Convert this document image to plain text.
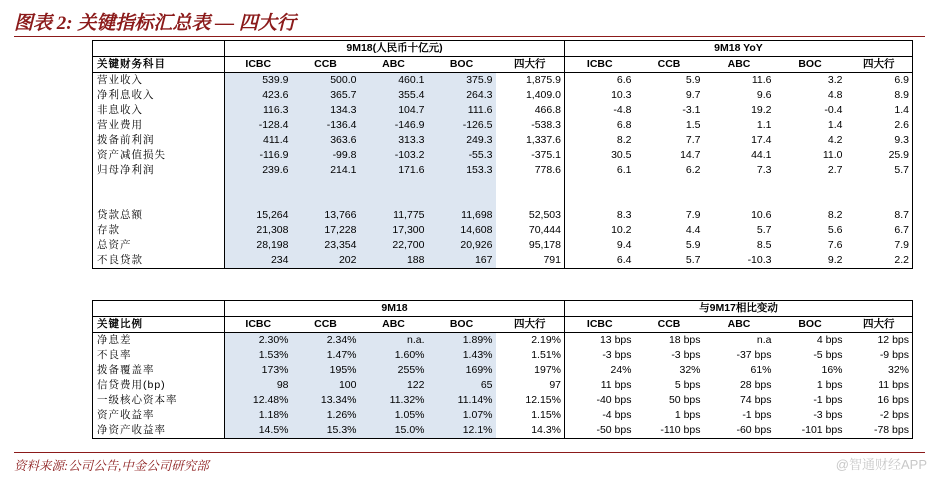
图表 2: 关键指标汇总表 — 四大行
	9M18(人民币十亿元)					9M18 YoY				
关键财务科目	ICBC	CCB	ABC	BOC	四大行	ICBC	CCB	ABC	BOC	四大行
营业收入	539.9	500.0	460.1	375.9	1,875.9	6.6	5.9	11.6	3.2	6.9
净利息收入	423.6	365.7	355.4	264.3	1,409.0	10.3	9.7	9.6	4.8	8.9
非息收入	116.3	134.3	104.7	111.6	466.8	-4.8	-3.1	19.2	-0.4	1.4
营业费用	-128.4	-136.4	-146.9	-126.5	-538.3	6.8	1.5	1.1	1.4	2.6
拨备前利润	411.4	363.6	313.3	249.3	1,337.6	8.2	7.7	17.4	4.2	9.3
资产减值损失	-116.9	-99.8	-103.2	-55.3	-375.1	30.5	14.7	44.1	11.0	25.9
归母净利润	239.6	214.1	171.6	153.3	778.6	6.1	6.2	7.3	2.7	5.7

贷款总额	15,264	13,766	11,775	11,698	52,503	8.3	7.9	10.6	8.2	8.7
存款	21,308	17,228	17,300	14,608	70,444	10.2	4.4	5.7	5.6	6.7
总资产	28,198	23,354	22,700	20,926	95,178	9.4	5.9	8.5	7.6	7.9
不良贷款	234	202	188	167	791	6.4	5.7	-10.3	9.2	2.2
	9M18					与9M17相比变动				
关键比例	ICBC	CCB	ABC	BOC	四大行	ICBC	CCB	ABC	BOC	四大行
净息差	2.30%	2.34%	n.a.	1.89%	2.19%	13 bps	18 bps	n.a	4 bps	12 bps
不良率	1.53%	1.47%	1.60%	1.43%	1.51%	-3 bps	-3 bps	-37 bps	-5 bps	-9 bps
拨备覆盖率	173%	195%	255%	169%	197%	24%	32%	61%	16%	32%
信贷费用(bp)	98	100	122	65	97	11 bps	5 bps	28 bps	1 bps	11 bps
一级核心资本率	12.48%	13.34%	11.32%	11.14%	12.15%	-40 bps	50 bps	74 bps	-1 bps	16 bps
资产收益率	1.18%	1.26%	1.05%	1.07%	1.15%	-4 bps	1 bps	-1 bps	-3 bps	-2 bps
净资产收益率	14.5%	15.3%	15.0%	12.1%	14.3%	-50 bps	-110 bps	-60 bps	-101 bps	-78 bps
资料来源:公司公告,中金公司研究部	@智通财经APP
